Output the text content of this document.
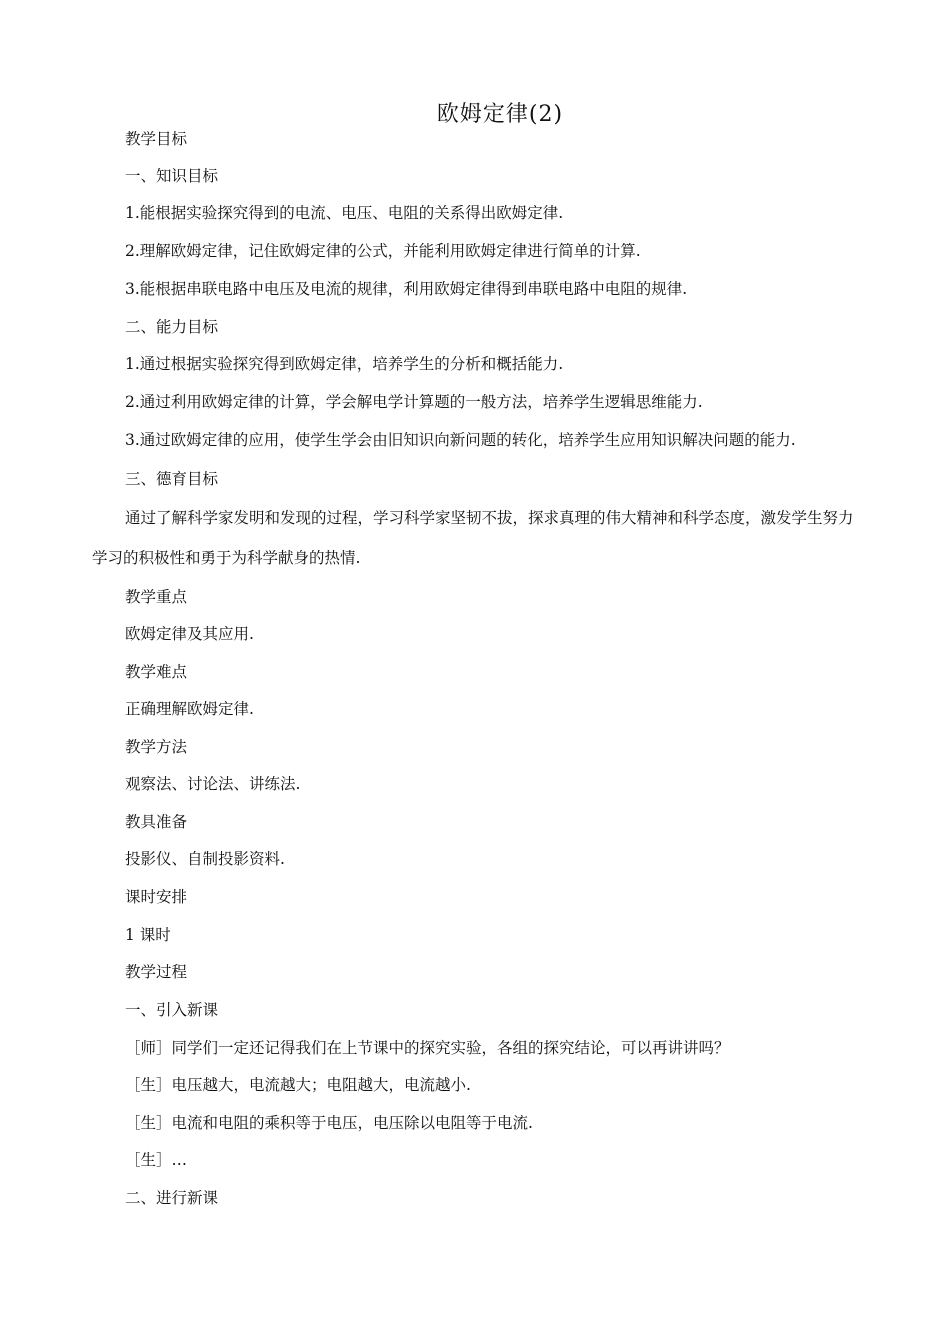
欧姆定律(2)
教学目标
一、知识目标
1.能根据实验探究得到的电流、电压、电阻的关系得出欧姆定律.
2.理解欧姆定律，记住欧姆定律的公式，并能利用欧姆定律进行简单的计算.
3.能根据串联电路中电压及电流的规律，利用欧姆定律得到串联电路中电阻的规律.
二、能力目标
1.通过根据实验探究得到欧姆定律，培养学生的分析和概括能力.
2.通过利用欧姆定律的计算，学会解电学计算题的一般方法，培养学生逻辑思维能力.
3.通过欧姆定律的应用，使学生学会由旧知识向新问题的转化，培养学生应用知识解决问题的能力.
三、德育目标
通过了解科学家发明和发现的过程，学习科学家坚韧不拔，探求真理的伟大精神和科学态度，激发学生努力学习的积极性和勇于为科学献身的热情.
教学重点
欧姆定律及其应用.
教学难点
正确理解欧姆定律.
教学方法
观察法、讨论法、讲练法.
教具准备
投影仪、自制投影资料.
课时安排
1 课时
教学过程
一、引入新课
［师］同学们一定还记得我们在上节课中的探究实验，各组的探究结论，可以再讲讲吗？
［生］电压越大，电流越大；电阻越大，电流越小.
［生］电流和电阻的乘积等于电压，电压除以电阻等于电流.
［生］…
二、进行新课
